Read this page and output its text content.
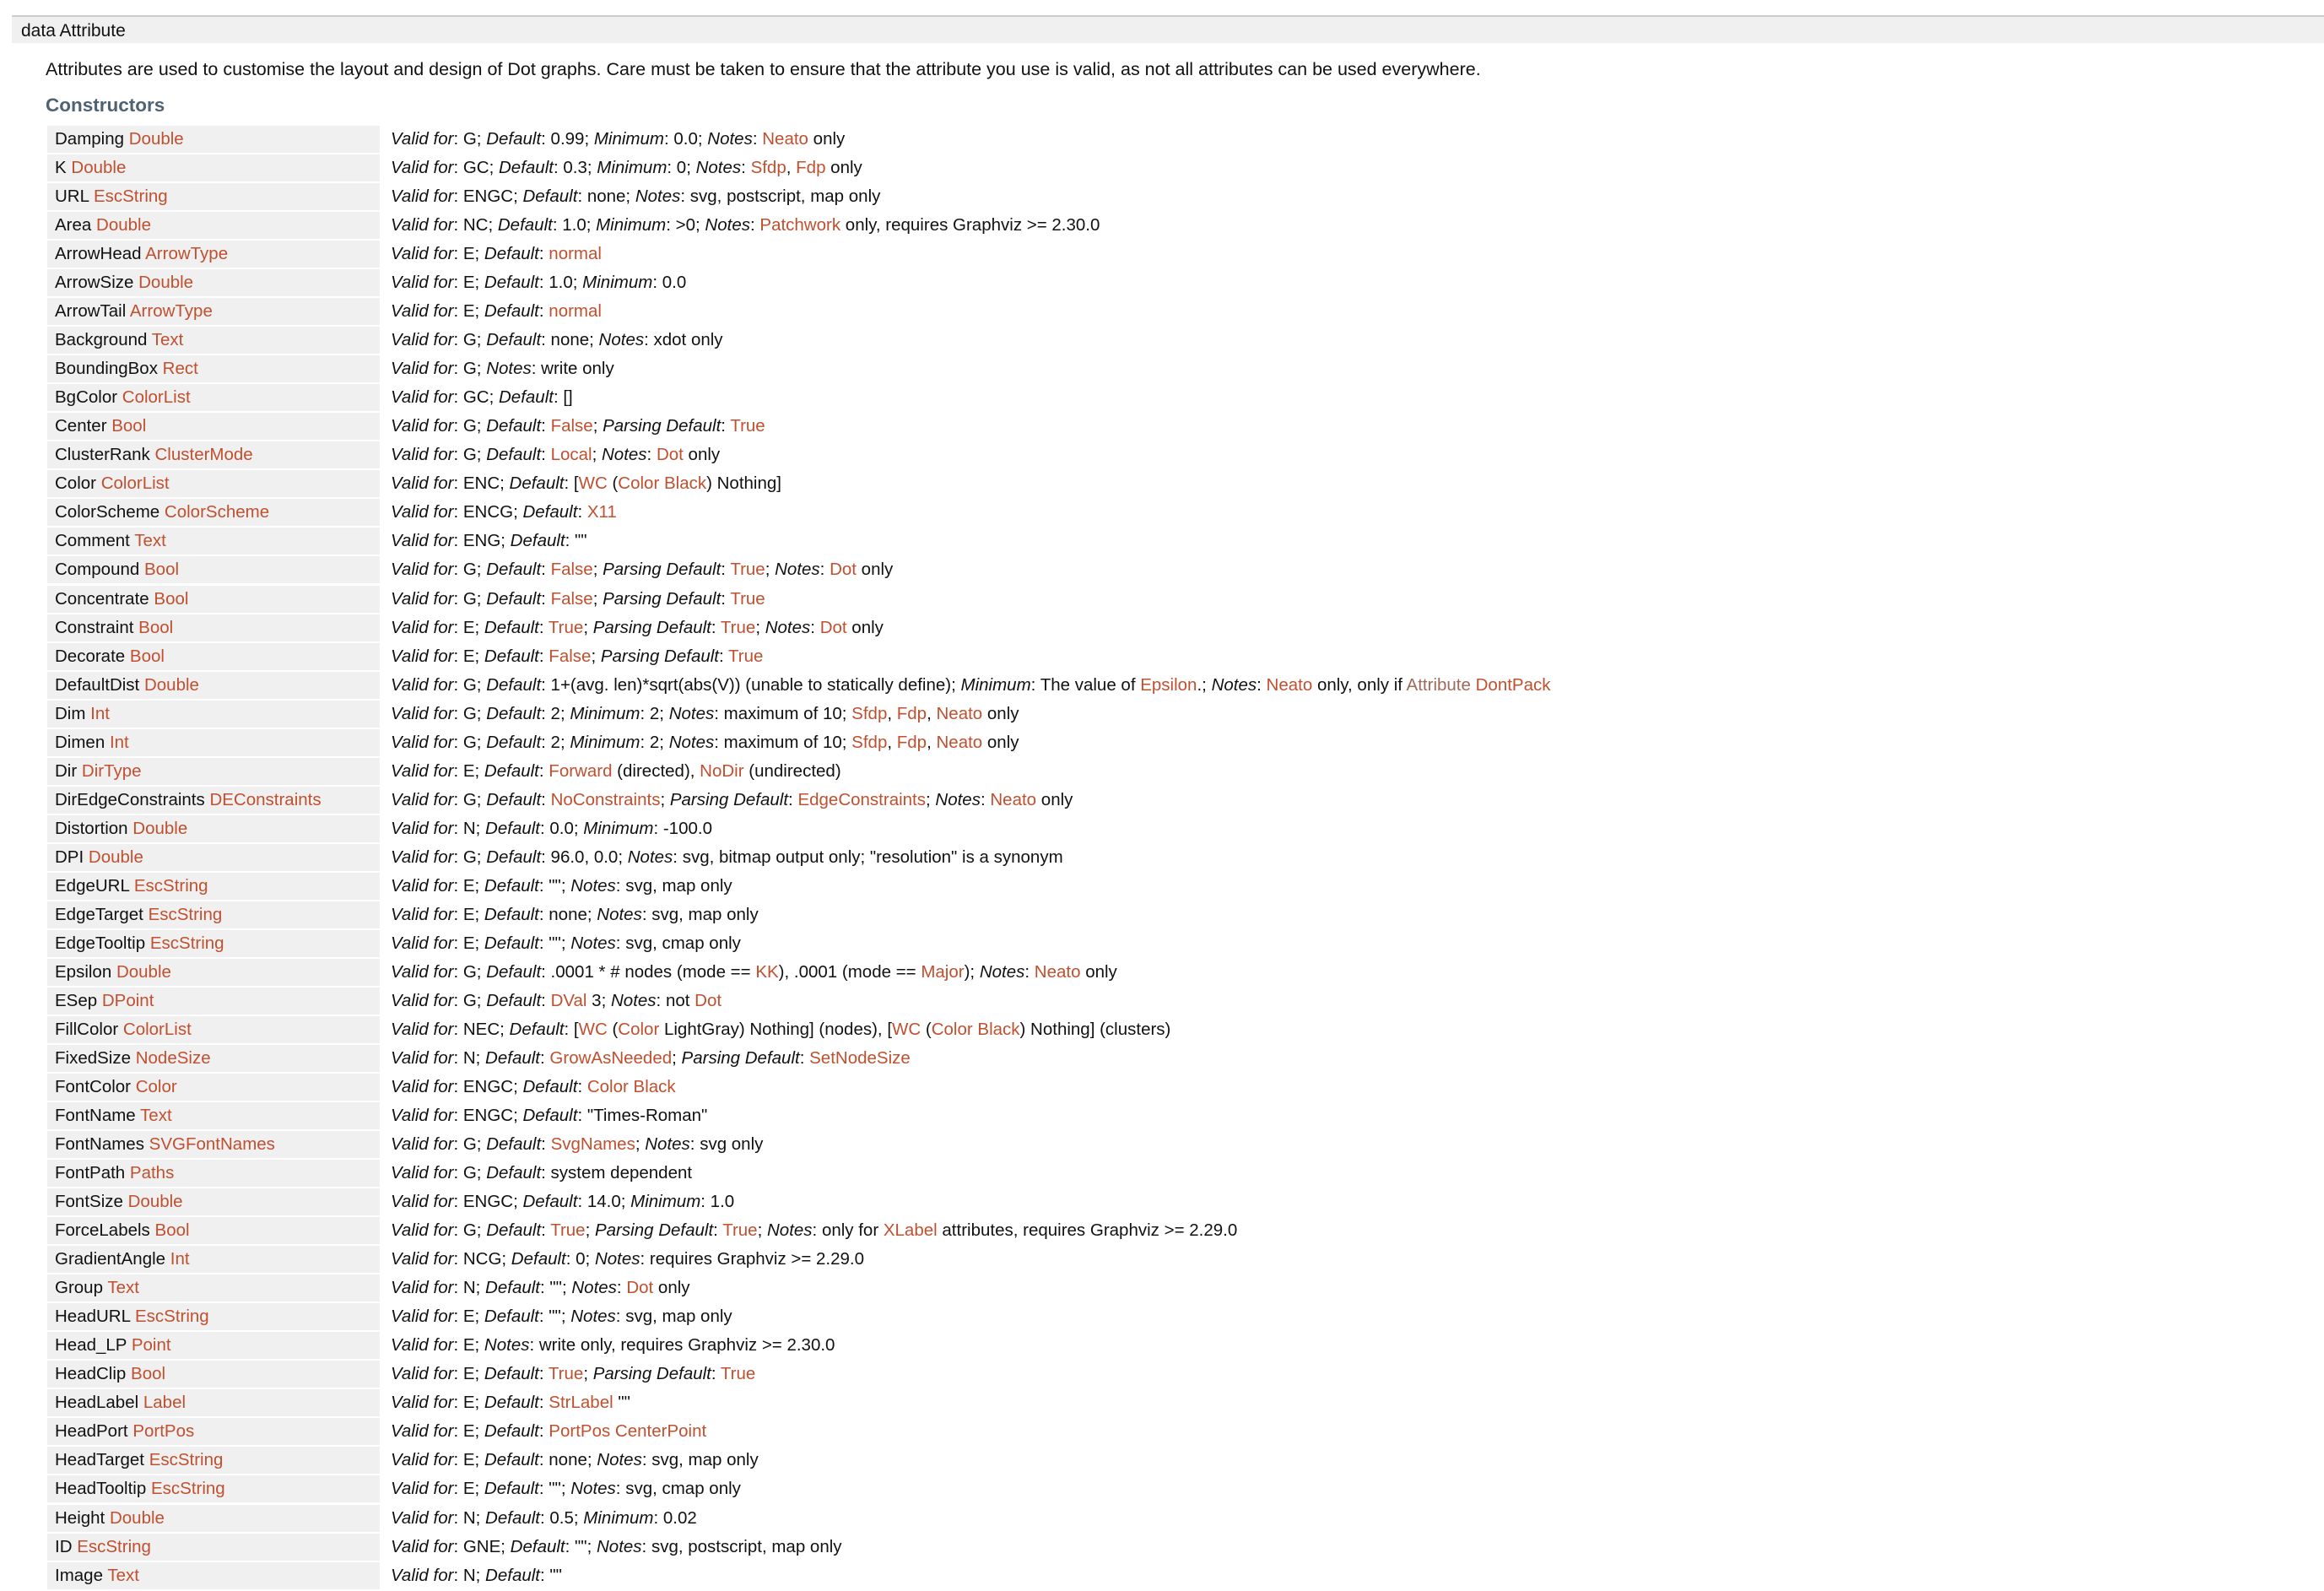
data Attribute
Attributes are used to customise the layout and design of Dot graphs. Care must be taken to ensure that the attribute you use is valid, as not all attributes can be used everywhere.
Constructors
Damping Double	Valid for: G; Default: 0.99; Minimum: 0.0; Notes: Neato only
K Double	Valid for: GC; Default: 0.3; Minimum: 0; Notes: Sfdp, Fdp only
URL EscString	Valid for: ENGC; Default: none; Notes: svg, postscript, map only
Area Double	Valid for: NC; Default: 1.0; Minimum: >0; Notes: Patchwork only, requires Graphviz >= 2.30.0
ArrowHead ArrowType	Valid for: E; Default: normal
ArrowSize Double	Valid for: E; Default: 1.0; Minimum: 0.0
ArrowTail ArrowType	Valid for: E; Default: normal
Background Text	Valid for: G; Default: none; Notes: xdot only
BoundingBox Rect	Valid for: G; Notes: write only
BgColor ColorList	Valid for: GC; Default: []
Center Bool	Valid for: G; Default: False; Parsing Default: True
ClusterRank ClusterMode	Valid for: G; Default: Local; Notes: Dot only
Color ColorList	Valid for: ENC; Default: [WC (Color Black) Nothing]
ColorScheme ColorScheme	Valid for: ENCG; Default: X11
Comment Text	Valid for: ENG; Default: ""
Compound Bool	Valid for: G; Default: False; Parsing Default: True; Notes: Dot only
Concentrate Bool	Valid for: G; Default: False; Parsing Default: True
Constraint Bool	Valid for: E; Default: True; Parsing Default: True; Notes: Dot only
Decorate Bool	Valid for: E; Default: False; Parsing Default: True
DefaultDist Double	Valid for: G; Default: 1+(avg. len)*sqrt(abs(V)) (unable to statically define); Minimum: The value of Epsilon.; Notes: Neato only, only if Attribute DontPack
Dim Int	Valid for: G; Default: 2; Minimum: 2; Notes: maximum of 10; Sfdp, Fdp, Neato only
Dimen Int	Valid for: G; Default: 2; Minimum: 2; Notes: maximum of 10; Sfdp, Fdp, Neato only
Dir DirType	Valid for: E; Default: Forward (directed), NoDir (undirected)
DirEdgeConstraints DEConstraints	Valid for: G; Default: NoConstraints; Parsing Default: EdgeConstraints; Notes: Neato only
Distortion Double	Valid for: N; Default: 0.0; Minimum: -100.0
DPI Double	Valid for: G; Default: 96.0, 0.0; Notes: svg, bitmap output only; "resolution" is a synonym
EdgeURL EscString	Valid for: E; Default: ""; Notes: svg, map only
EdgeTarget EscString	Valid for: E; Default: none; Notes: svg, map only
EdgeTooltip EscString	Valid for: E; Default: ""; Notes: svg, cmap only
Epsilon Double	Valid for: G; Default: .0001 * # nodes (mode == KK), .0001 (mode == Major); Notes: Neato only
ESep DPoint	Valid for: G; Default: DVal 3; Notes: not Dot
FillColor ColorList	Valid for: NEC; Default: [WC (Color LightGray) Nothing] (nodes), [WC (Color Black) Nothing] (clusters)
FixedSize NodeSize	Valid for: N; Default: GrowAsNeeded; Parsing Default: SetNodeSize
FontColor Color	Valid for: ENGC; Default: Color Black
FontName Text	Valid for: ENGC; Default: "Times-Roman"
FontNames SVGFontNames	Valid for: G; Default: SvgNames; Notes: svg only
FontPath Paths	Valid for: G; Default: system dependent
FontSize Double	Valid for: ENGC; Default: 14.0; Minimum: 1.0
ForceLabels Bool	Valid for: G; Default: True; Parsing Default: True; Notes: only for XLabel attributes, requires Graphviz >= 2.29.0
GradientAngle Int	Valid for: NCG; Default: 0; Notes: requires Graphviz >= 2.29.0
Group Text	Valid for: N; Default: ""; Notes: Dot only
HeadURL EscString	Valid for: E; Default: ""; Notes: svg, map only
Head_LP Point	Valid for: E; Notes: write only, requires Graphviz >= 2.30.0
HeadClip Bool	Valid for: E; Default: True; Parsing Default: True
HeadLabel Label	Valid for: E; Default: StrLabel ""
HeadPort PortPos	Valid for: E; Default: PortPos CenterPoint
HeadTarget EscString	Valid for: E; Default: none; Notes: svg, map only
HeadTooltip EscString	Valid for: E; Default: ""; Notes: svg, cmap only
Height Double	Valid for: N; Default: 0.5; Minimum: 0.02
ID EscString	Valid for: GNE; Default: ""; Notes: svg, postscript, map only
Image Text	Valid for: N; Default: ""
